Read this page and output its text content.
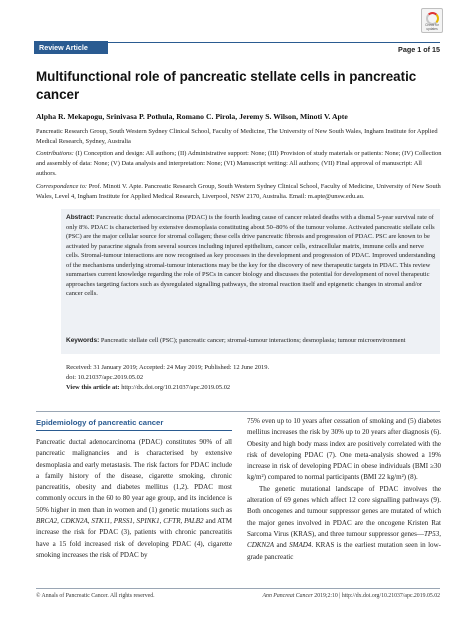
Check for updates
Review Article	Page 1 of 15
Multifunctional role of pancreatic stellate cells in pancreatic cancer
Alpha R. Mekapogu, Srinivasa P. Pothula, Romano C. Pirola, Jeremy S. Wilson, Minoti V. Apte
Pancreatic Research Group, South Western Sydney Clinical School, Faculty of Medicine, The University of New South Wales, Ingham Institute for Applied Medical Research, Sydney, Australia
Contributions: (I) Conception and design: All authors; (II) Administrative support: None; (III) Provision of study materials or patients: None; (IV) Collection and assembly of data: None; (V) Data analysis and interpretation: None; (VI) Manuscript writing: All authors; (VII) Final approval of manuscript: All authors.
Correspondence to: Prof. Minoti V. Apte. Pancreatic Research Group, South Western Sydney Clinical School, Faculty of Medicine, University of New South Wales, Level 4, Ingham Institute for Applied Medical Research, Liverpool, NSW 2170, Australia. Email: m.apte@unsw.edu.au.
Abstract: Pancreatic ductal adenocarcinoma (PDAC) is the fourth leading cause of cancer related deaths with a dismal 5-year survival rate of only 8%. PDAC is characterised by extensive desmoplasia constituting about 50–80% of the tumour volume. Activated pancreatic stellate cells (PSC) are the major cellular source for stromal collagen; these cells drive pancreatic fibrosis and progression of PDAC. PSC are known to be activated by paracrine signals from several sources including injured epithelium, cancer cells, extracellular matrix, immune cells and nerve cells. Stromal-tumour interactions are now recognised as key processes in the development and progression of PDAC. Improved understanding of the mechanisms underlying stromal-tumour interactions may be the key for the discovery of new therapeutic targets in PDAC. This review summarises current knowledge regarding the role of PSCs in cancer biology and discusses the potential for development of novel therapeutic approaches targeting factors such as dysregulated signalling pathways, the stromal reaction itself and epigenetic changes in stromal and/or cancer cells.
Keywords: Pancreatic stellate cell (PSC); pancreatic cancer; stromal-tumour interactions; desmoplasia; tumour microenvironment
Received: 31 January 2019; Accepted: 24 May 2019; Published: 12 June 2019.
doi: 10.21037/apc.2019.05.02
View this article at: http://dx.doi.org/10.21037/apc.2019.05.02
Epidemiology of pancreatic cancer

Pancreatic ductal adenocarcinoma (PDAC) constitutes 90% of all pancreatic malignancies and is characterised by extensive desmoplasia and early metastasis. The risk factors for PDAC include a family history of the disease, cigarette smoking, chronic pancreatitis, obesity and diabetes mellitus (1,2). PDAC most commonly occurs in the 60 to 80 year age group, and its incidence is 50% higher in men than in women and (1) genetic mutations such as BRCA2, CDKN2A, STK11, PRSS1, SPINK1, CFTR, PALB2 and ATM increase the risk for PDAC (3), patients with chronic pancreatitis have a 15 fold increased risk of developing PDAC (4), cigarette smoking increases the risk of PDAC by

75% even up to 10 years after cessation of smoking and (5) diabetes mellitus increases the risk by 30% up to 20 years after diagnosis (6). Obesity and high body mass index are positively correlated with the risk of developing PDAC (7). One meta-analysis showed a 19% increase in risk of developing PDAC in obese individuals (BMI ≥30 kg/m²) compared to normal participants (BMI 22 kg/m²) (8).

The genetic mutational landscape of PDAC involves the alteration of 69 genes which affect 12 core signalling pathways (9). Both oncogenes and tumour suppressor genes are mutated of which the major genes involved in PDAC are the oncogene Kristen Rat Sarcoma Virus (KRAS), and three tumour suppressor genes—TP53, CDKN2A and SMAD4. KRAS is the earliest mutation seen in low-grade pancreatic

© Annals of Pancreatic Cancer. All rights reserved.	Ann Pancreat Cancer 2019;2:10 | http://dx.doi.org/10.21037/apc.2019.05.02
